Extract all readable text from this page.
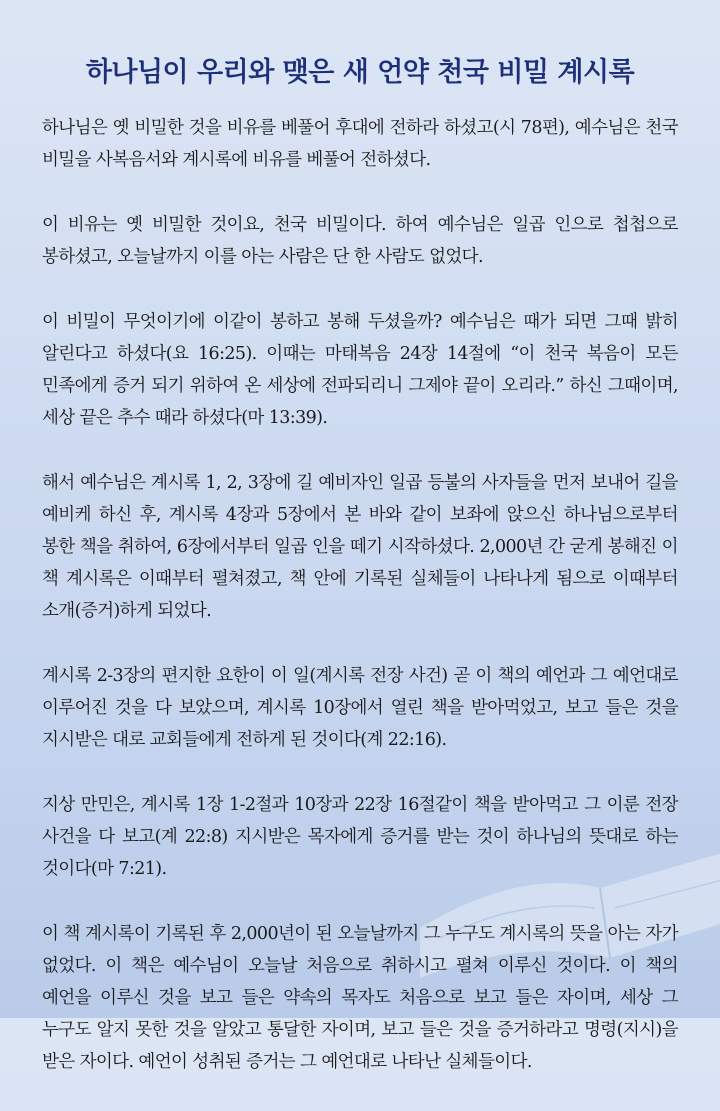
하나님이 우리와 맺은 새 언약 천국 비밀 계시록

하나님은 옛 비밀한 것을 비유를 베풀어 후대에 전하라 하셨고(시 78편), 예수님은 천국 비밀을 사복음서와 계시록에 비유를 베풀어 전하셨다.

이 비유는 옛 비밀한 것이요, 천국 비밀이다. 하여 예수님은 일곱 인으로 첩첩으로 봉하셨고, 오늘날까지 이를 아는 사람은 단 한 사람도 없었다.

이 비밀이 무엇이기에 이같이 봉하고 봉해 두셨을까? 예수님은 때가 되면 그때 밝히 알린다고 하셨다(요 16:25). 이때는 마태복음 24장 14절에 “이 천국 복음이 모든 민족에게 증거 되기 위하여 온 세상에 전파되리니 그제야 끝이 오리라.” 하신 그때이며, 세상 끝은 추수 때라 하셨다(마 13:39).

해서 예수님은 계시록 1, 2, 3장에 길 예비자인 일곱 등불의 사자들을 먼저 보내어 길을 예비케 하신 후, 계시록 4장과 5장에서 본 바와 같이 보좌에 앉으신 하나님으로부터 봉한 책을 취하여, 6장에서부터 일곱 인을 떼기 시작하셨다. 2,000년 간 굳게 봉해진 이 책 계시록은 이때부터 펼쳐졌고, 책 안에 기록된 실체들이 나타나게 됨으로 이때부터 소개(증거)하게 되었다.

계시록 2-3장의 편지한 요한이 이 일(계시록 전장 사건) 곧 이 책의 예언과 그 예언대로 이루어진 것을 다 보았으며, 계시록 10장에서 열린 책을 받아먹었고, 보고 들은 것을 지시받은 대로 교회들에게 전하게 된 것이다(계 22:16).

지상 만민은, 계시록 1장 1-2절과 10장과 22장 16절같이 책을 받아먹고 그 이룬 전장 사건을 다 보고(계 22:8) 지시받은 목자에게 증거를 받는 것이 하나님의 뜻대로 하는 것이다(마 7:21).

이 책 계시록이 기록된 후 2,000년이 된 오늘날까지 그 누구도 계시록의 뜻을 아는 자가 없었다. 이 책은 예수님이 오늘날 처음으로 취하시고 펼쳐 이루신 것이다. 이 책의 예언을 이루신 것을 보고 들은 약속의 목자도 처음으로 보고 들은 자이며, 세상 그 누구도 알지 못한 것을 알았고 통달한 자이며, 보고 들은 것을 증거하라고 명령(지시)을 받은 자이다. 예언이 성취된 증거는 그 예언대로 나타난 실체들이다.
